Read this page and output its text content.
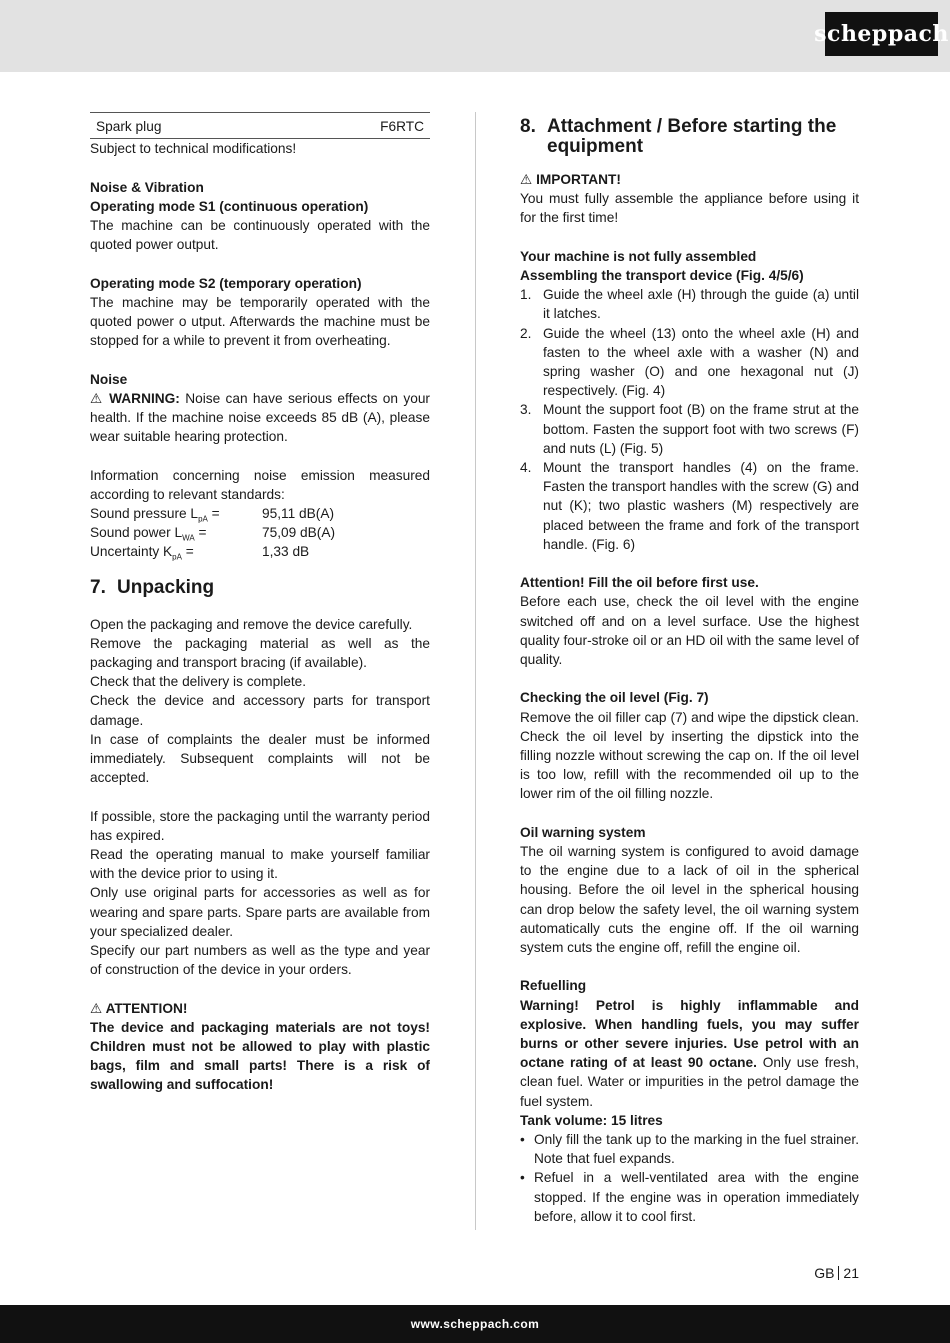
scheppach
Spark plug	F6RTC

Subject to technical modifications!

Noise & Vibration

Operating mode S1 (continuous operation)

The machine can be continuously operated with the quoted power output.

Operating mode S2 (temporary operation)

The machine may be temporarily operated with the quoted power o utput. Afterwards the machine must be stopped for a while to prevent it from overheating.

Noise

⚠ WARNING: Noise can have serious effects on your health. If the machine noise exceeds 85 dB (A), please wear suitable hearing protection.

Information concerning noise emission measured according to relevant standards:

Sound pressure $L_{pA}$ =	95,11 dB(A)
Sound power $L_{WA}$ =	75,09 dB(A)
Uncertainty $K_{pA}$ =	1,33 dB
7. Unpacking

Open the packaging and remove the device carefully.

Remove the packaging material as well as the packaging and transport bracing (if available).

Check that the delivery is complete.

Check the device and accessory parts for transport damage.

In case of complaints the dealer must be informed immediately. Subsequent complaints will not be accepted.

If possible, store the packaging until the warranty period has expired.

Read the operating manual to make yourself familiar with the device prior to using it.

Only use original parts for accessories as well as for wearing and spare parts. Spare parts are available from your specialized dealer.

Specify our part numbers as well as the type and year of construction of the device in your orders.

⚠ ATTENTION!

The device and packaging materials are not toys! Children must not be allowed to play with plastic bags, film and small parts! There is a risk of swallowing and suffocation!

8. Attachment / Before starting the equipment

⚠ IMPORTANT!

You must fully assemble the appliance before using it for the first time!

Your machine is not fully assembled

Assembling the transport device (Fig. 4/5/6)

1. Guide the wheel axle (H) through the guide (a) until it latches.
2. Guide the wheel (13) onto the wheel axle (H) and fasten to the wheel axle with a washer (N) and spring washer (O) and one hexagonal nut (J) respectively. (Fig. 4)
3. Mount the support foot (B) on the frame strut at the bottom. Fasten the support foot with two screws (F) and nuts (L) (Fig. 5)
4. Mount the transport handles (4) on the frame. Fasten the transport handles with the screw (G) and nut (K); two plastic washers (M) respectively are placed between the frame and fork of the transport handle. (Fig. 6)

Attention! Fill the oil before first use.

Before each use, check the oil level with the engine switched off and on a level surface. Use the highest quality four-stroke oil or an HD oil with the same level of quality.

Checking the oil level (Fig. 7)

Remove the oil filler cap (7) and wipe the dipstick clean. Check the oil level by inserting the dipstick into the filling nozzle without screwing the cap on. If the oil level is too low, refill with the recommended oil up to the lower rim of the oil filling nozzle.

Oil warning system

The oil warning system is configured to avoid damage to the engine due to a lack of oil in the spherical housing. Before the oil level in the spherical housing can drop below the safety level, the oil warning system automatically cuts the engine off. If the oil warning system cuts the engine off, refill the engine oil.

Refuelling

Warning! Petrol is highly inflammable and explosive. When handling fuels, you may suffer burns or other severe injuries. Use petrol with an octane rating of at least 90 octane. Only use fresh, clean fuel. Water or impurities in the petrol damage the fuel system.

Tank volume: 15 litres

• Only fill the tank up to the marking in the fuel strainer. Note that fuel expands.
• Refuel in a well-ventilated area with the engine stopped. If the engine was in operation immediately before, allow it to cool first.
GB 21
www.scheppach.com
